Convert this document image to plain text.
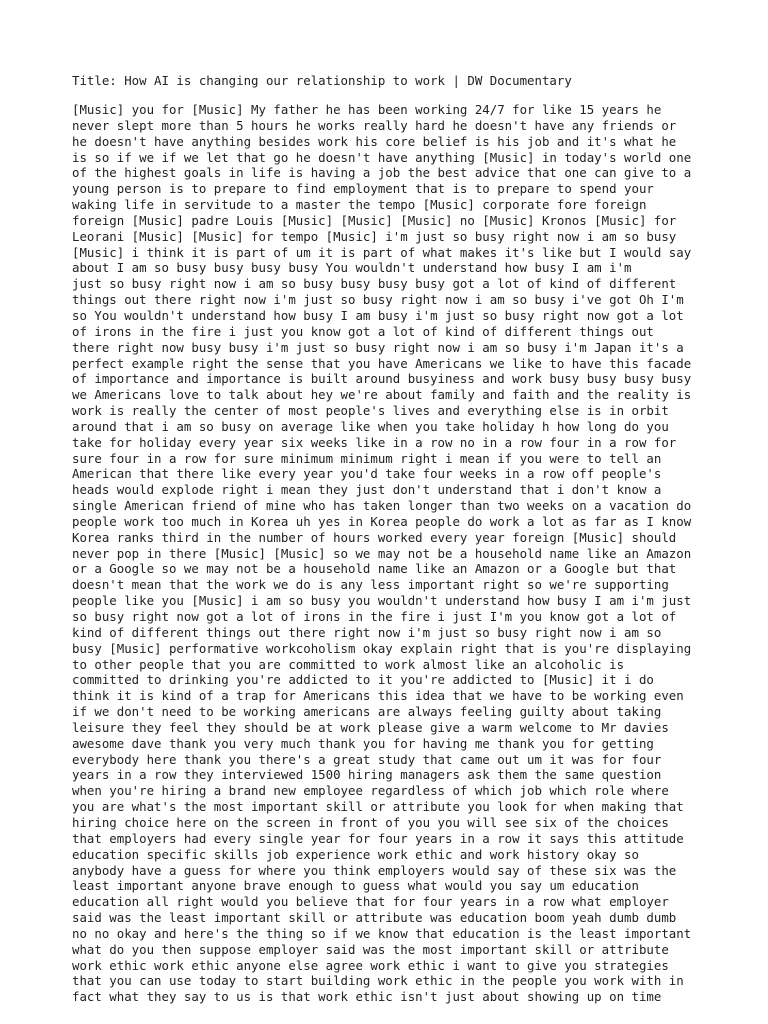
Title: How AI is changing our relationship to work | DW Documentary
[Music] you for [Music] My father he has been working 24/7 for like 15 years he
never slept more than 5 hours he works really hard he doesn't have any friends or
he doesn't have anything besides work his core belief is his job and it's what he
is so if we if we let that go he doesn't have anything [Music] in today's world one
of the highest goals in life is having a job the best advice that one can give to a
young person is to prepare to find employment that is to prepare to spend your
waking life in servitude to a master the tempo [Music] corporate fore foreign
foreign [Music] padre Louis [Music] [Music] [Music] no [Music] Kronos [Music] for
Leorani [Music] [Music] for tempo [Music] i'm just so busy right now i am so busy
[Music] i think it is part of um it is part of what makes it's like but I would say
about I am so busy busy busy busy You wouldn't understand how busy I am i'm
just so busy right now i am so busy busy busy busy got a lot of kind of different
things out there right now i'm just so busy right now i am so busy i've got Oh I'm
so You wouldn't understand how busy I am busy i'm just so busy right now got a lot
of irons in the fire i just you know got a lot of kind of different things out
there right now busy busy i'm just so busy right now i am so busy i'm Japan it's a
perfect example right the sense that you have Americans we like to have this facade
of importance and importance is built around busyiness and work busy busy busy busy
we Americans love to talk about hey we're about family and faith and the reality is
work is really the center of most people's lives and everything else is in orbit
around that i am so busy on average like when you take holiday h how long do you
take for holiday every year six weeks like in a row no in a row four in a row for
sure four in a row for sure minimum minimum right i mean if you were to tell an
American that there like every year you'd take four weeks in a row off people's
heads would explode right i mean they just don't understand that i don't know a
single American friend of mine who has taken longer than two weeks on a vacation do
people work too much in Korea uh yes in Korea people do work a lot as far as I know
Korea ranks third in the number of hours worked every year foreign [Music] should
never pop in there [Music] [Music] so we may not be a household name like an Amazon
or a Google so we may not be a household name like an Amazon or a Google but that
doesn't mean that the work we do is any less important right so we're supporting
people like you [Music] i am so busy you wouldn't understand how busy I am i'm just
so busy right now got a lot of irons in the fire i just I'm you know got a lot of
kind of different things out there right now i'm just so busy right now i am so
busy [Music] performative workcoholism okay explain right that is you're displaying
to other people that you are committed to work almost like an alcoholic is
committed to drinking you're addicted to it you're addicted to [Music] it i do
think it is kind of a trap for Americans this idea that we have to be working even
if we don't need to be working americans are always feeling guilty about taking
leisure they feel they should be at work please give a warm welcome to Mr davies
awesome dave thank you very much thank you for having me thank you for getting
everybody here thank you there's a great study that came out um it was for four
years in a row they interviewed 1500 hiring managers ask them the same question
when you're hiring a brand new employee regardless of which job which role where
you are what's the most important skill or attribute you look for when making that
hiring choice here on the screen in front of you you will see six of the choices
that employers had every single year for four years in a row it says this attitude
education specific skills job experience work ethic and work history okay so
anybody have a guess for where you think employers would say of these six was the
least important anyone brave enough to guess what would you say um education
education all right would you believe that for four years in a row what employer
said was the least important skill or attribute was education boom yeah dumb dumb
no no okay and here's the thing so if we know that education is the least important
what do you then suppose employer said was the most important skill or attribute
work ethic work ethic anyone else agree work ethic i want to give you strategies
that you can use today to start building work ethic in the people you work with in
fact what they say to us is that work ethic isn't just about showing up on time
